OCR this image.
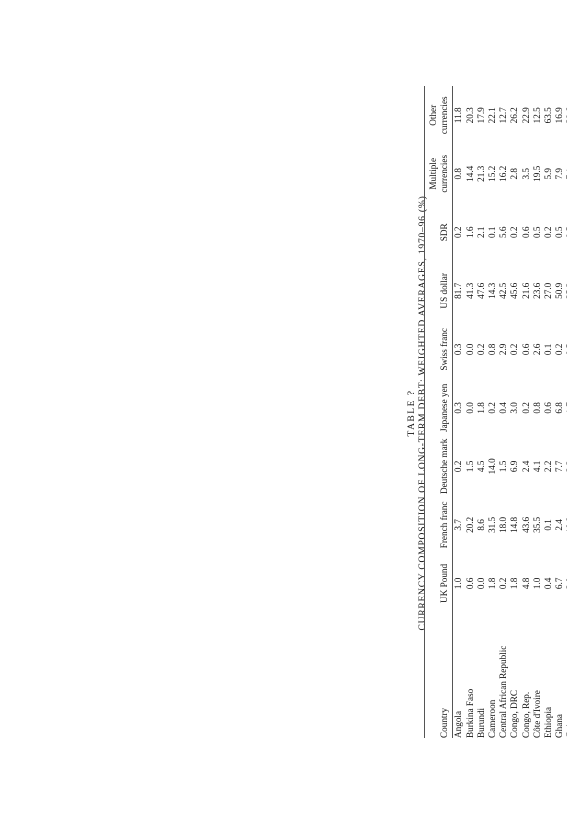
TABLE ? CURRENCY COMPOSITION OF LONG-TERM DEBT: WEIGHTED AVERAGES, 1970–96 (%)
Country	UK Pound	French franc	Deutsche mark	Japanese yen	Swiss franc	US dollar	SDR	Multiple currencies	Other currencies
Angola	1.0	3.7	0.2	0.3	0.3	81.7	0.2	0.8	11.8
Burkina Faso	0.6	20.2	1.5	0.0	0.0	41.3	1.6	14.4	20.3
Burundi	0.0	8.6	4.5	1.8	0.2	47.6	2.1	21.3	17.9
Cameroon	1.8	31.5	14.0	0.2	0.8	14.3	0.1	15.2	22.1
Central African Republic	0.2	18.0	1.5	0.4	2.9	42.5	5.6	16.2	12.7
Congo, DRC	1.8	14.8	6.9	3.0	0.2	45.6	0.2	2.8	26.2
Congo, Rep.	4.8	43.6	2.4	0.2	0.6	21.6	0.6	3.5	22.9
Côte d'Ivoire	1.0	35.5	4.1	0.8	2.6	23.6	0.5	19.5	12.5
Ethiopia	0.4	0.1	2.2	0.6	0.1	27.0	0.2	5.9	63.5
Ghana	6.7	2.4	7.7	6.8	0.2	50.9	0.5	7.9	16.9
